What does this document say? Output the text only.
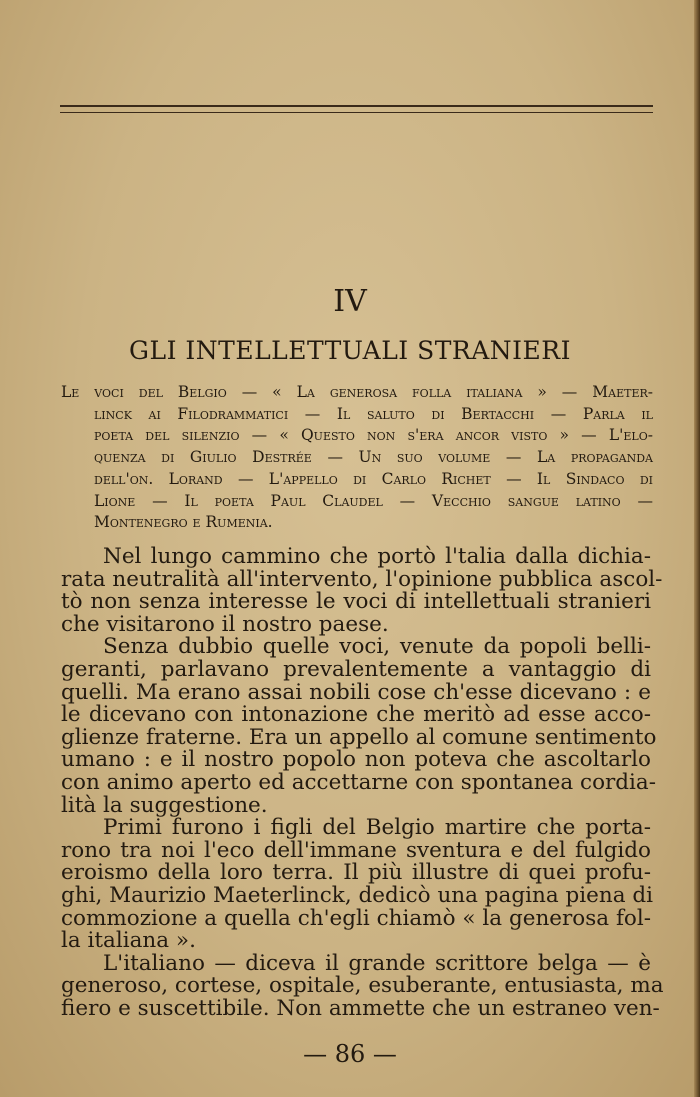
IV
GLI INTELLETTUALI STRANIERI
Le voci del Belgio — « La generosa folla italiana » — Maeter-
linck ai Filodrammatici — Il saluto di Bertacchi — Parla il
poeta del silenzio — « Questo non s'era ancor visto » — L'elo-
quenza di Giulio Destrée — Un suo volume — La propaganda
dell'on. Lorand — L'appello di Carlo Richet — Il Sindaco di
Lione — Il poeta Paul Claudel — Vecchio sangue latino —
Montenegro e Rumenia.
Nel lungo cammino che portò l'talia dalla dichia-
rata neutralità all'intervento, l'opinione pubblica ascol-
tò non senza interesse le voci di intellettuali stranieri
che visitarono il nostro paese.
Senza dubbio quelle voci, venute da popoli belli-
geranti, parlavano prevalentemente a vantaggio di
quelli. Ma erano assai nobili cose ch'esse dicevano : e
le dicevano con intonazione che meritò ad esse acco-
glienze fraterne. Era un appello al comune sentimento
umano : e il nostro popolo non poteva che ascoltarlo
con animo aperto ed accettarne con spontanea cordia-
lità la suggestione.
Primi furono i figli del Belgio martire che porta-
rono tra noi l'eco dell'immane sventura e del fulgido
eroismo della loro terra. Il più illustre di quei profu-
ghi, Maurizio Maeterlinck, dedicò una pagina piena di
commozione a quella ch'egli chiamò « la generosa fol-
la italiana ».
L'italiano — diceva il grande scrittore belga — è
generoso, cortese, ospitale, esuberante, entusiasta, ma
fiero e suscettibile. Non ammette che un estraneo ven-
— 86 —
